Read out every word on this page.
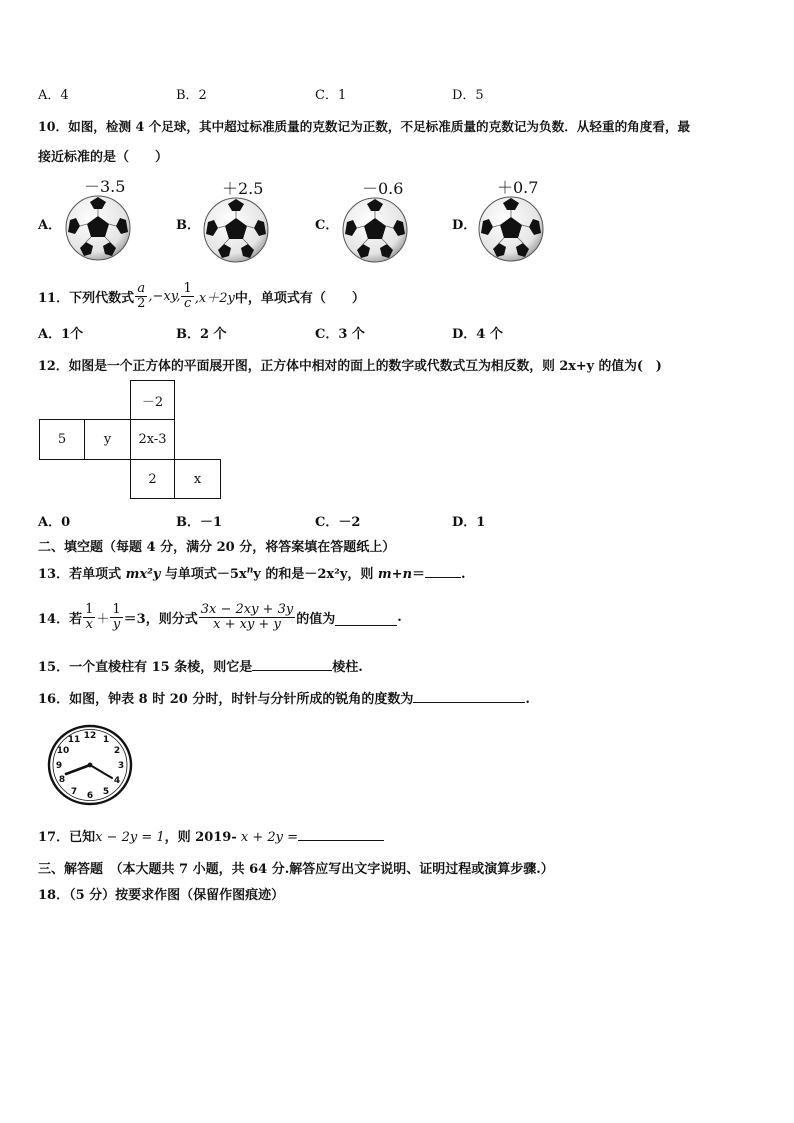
A．4	B．2	C．1	D．5
10．如图，检测 4 个足球，其中超过标准质量的克数记为正数，不足标准质量的克数记为负数．从轻重的角度看，最
接近标准的是（　　）
A．
－3.5
B．
＋2.5
C．
－0.6
D．
＋0.7
11．下列代数式 $\frac{a}{2} ,-xy$, $\frac{1}{c} ,x+2y$ 中，单项式有（　　）
A．1个	B．2 个	C．3 个	D．4 个
12．如图是一个正方体的平面展开图，正方体中相对的面上的数字或代数式互为相反数，则 2x+y 的值为(　)
－2
5	y	2x-3
2	x
A．0	B．－1	C．－2	D．1
二、填空题（每题 4 分，满分 20 分，将答案填在答题纸上）
13．若单项式 mx²y 与单项式$-5x^ny$ 的和是－2x²y，则 m+n＝	.
14．若 $\frac{1}{x} + \frac{1}{y} =3$，则分式 $\frac{3x - 2xy + 3y}{x + xy + y}$ 的值为	.
15．一个直棱柱有 15 条棱，则它是	棱柱.
16．如图，钟表 8 时 20 分时，时针与分针所成的锐角的度数为	.
12 1
2
3
4
5
6
7
8
9
10
11
17．已知x − 2y = 1，则 2019- x + 2y =
三、解答题　（本大题共 7 小题，共 64 分.解答应写出文字说明、证明过程或演算步骤.）
18．（5 分）按要求作图（保留作图痕迹）
